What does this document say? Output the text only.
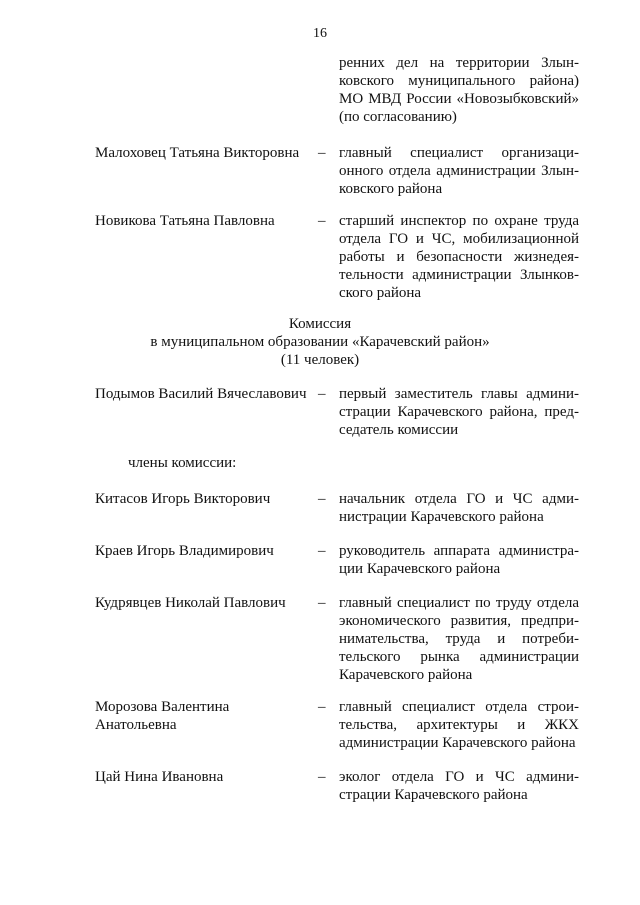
16
ренних дел на территории Злын-
ковского муниципального района)
МО МВД России «Новозыбковский»
(по согласованию)
Малоховец Татьяна Викторовна	– главный специалист организаци-
онного отдела администрации Злын-
ковского района
Новикова Татьяна Павловна	– старший инспектор по охране труда
отдела ГО и ЧС, мобилизационной
работы и безопасности жизнедея-
тельности администрации Злынков-
ского района
Комиссия
в муниципальном образовании «Карачевский район»
(11 человек)
Подымов Василий Вячеславович – первый заместитель главы админи-
страции Карачевского района, пред-
седатель комиссии
члены комиссии:
Китасов Игорь Викторович	– начальник отдела ГО и ЧС адми-
нистрации Карачевского района
Краев Игорь Владимирович	– руководитель аппарата администра-
ции Карачевского района
Кудрявцев Николай Павлович	– главный специалист по труду отдела
экономического развития, предпри-
нимательства, труда и потреби-
тельского рынка администрации
Карачевского района
Морозова Валентина
Анатольевна
– главный специалист отдела строи-
тельства, архитектуры и ЖКХ
администрации Карачевского района
Цай Нина Ивановна	– эколог отдела ГО и ЧС админи-
страции Карачевского района
